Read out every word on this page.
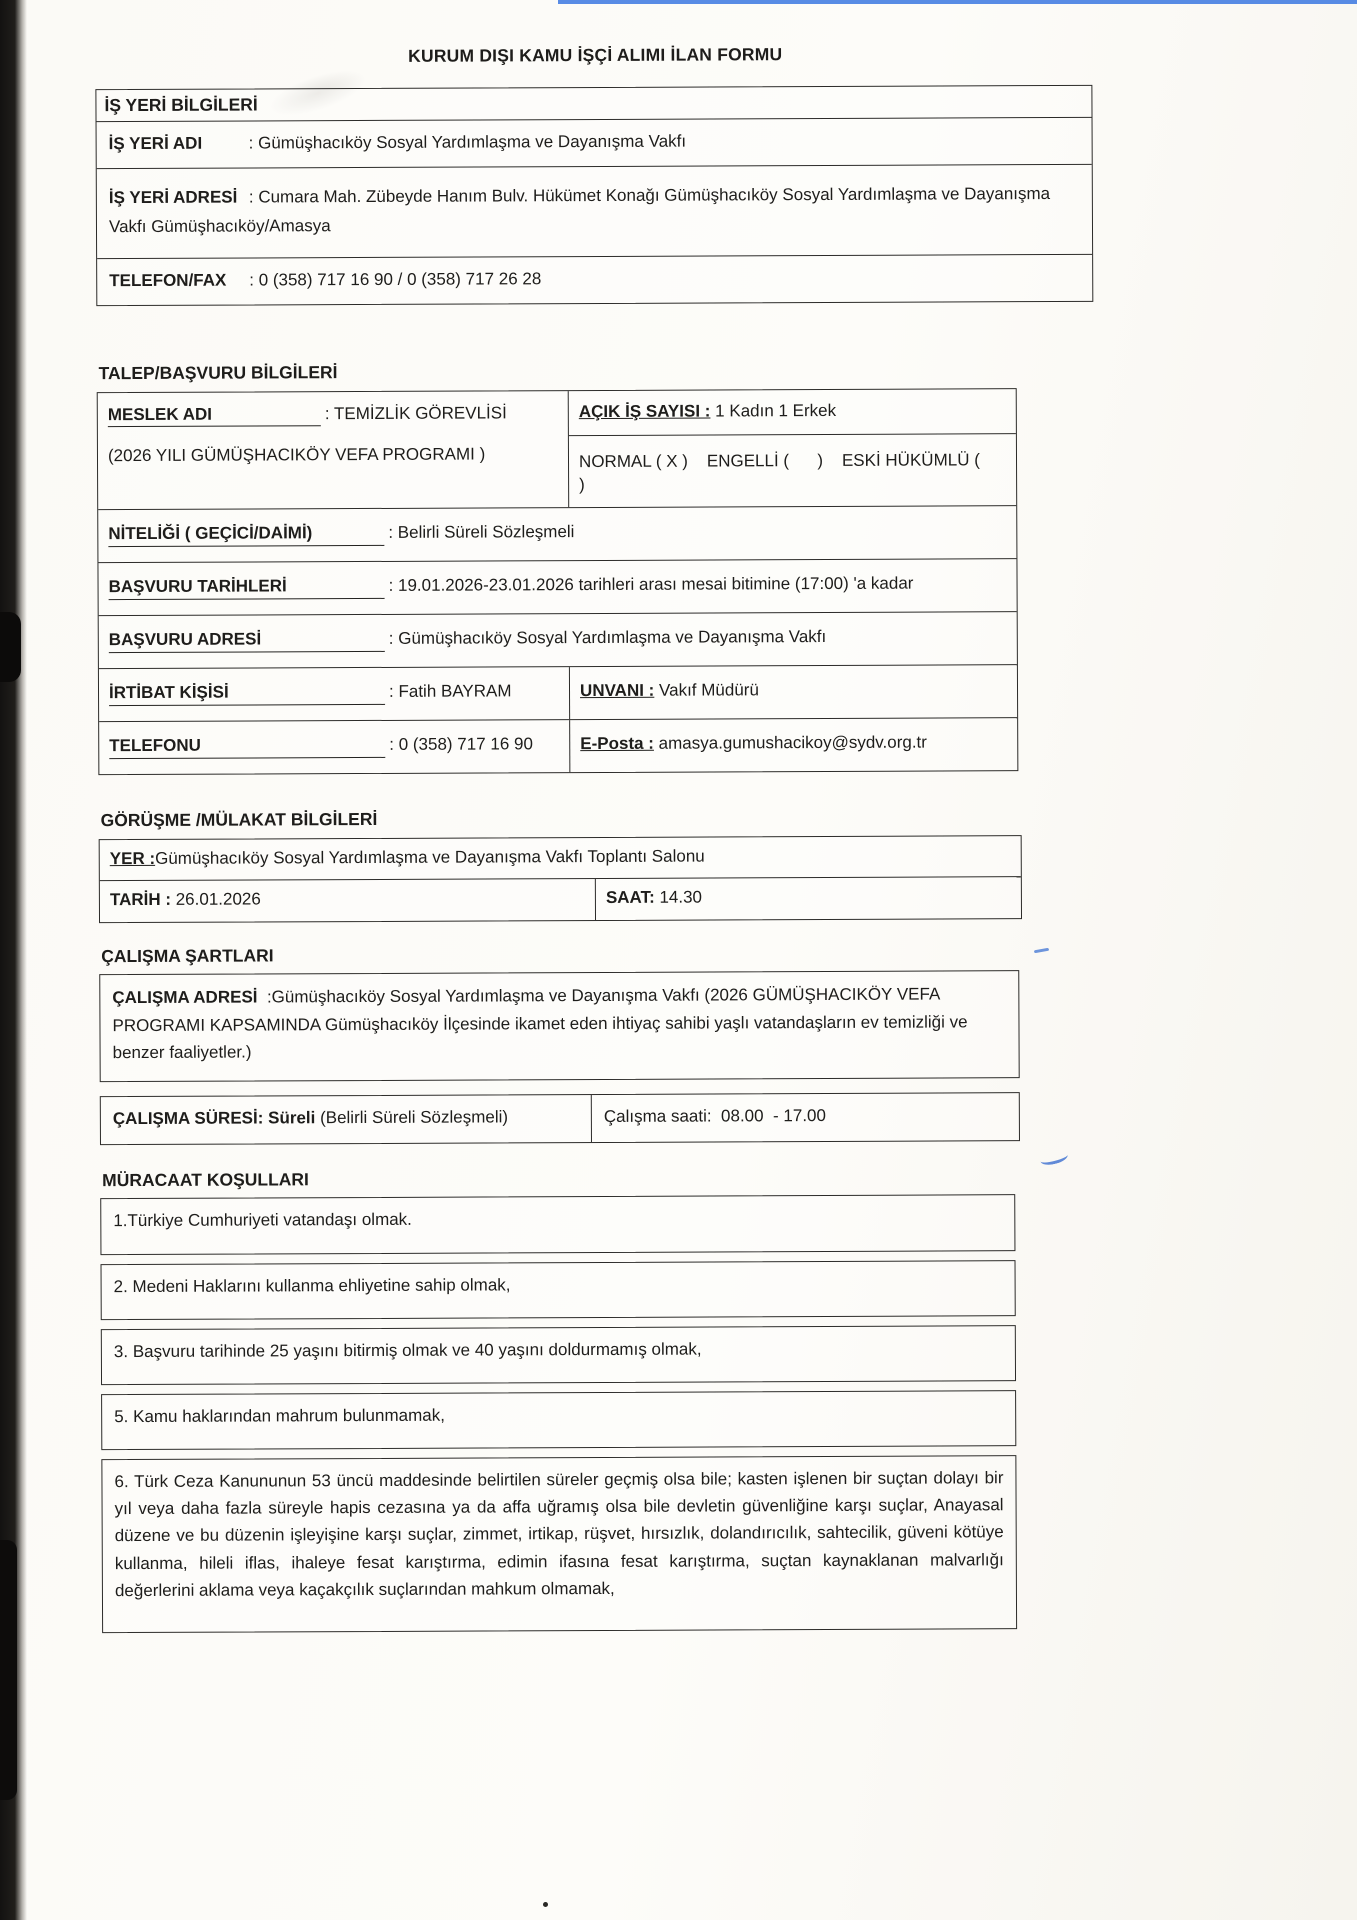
KURUM DIŞI KAMU İŞÇİ ALIMI İLAN FORMU
İŞ YERİ BİLGİLERİ
İŞ YERİ ADI	: Gümüşhacıköy Sosyal Yardımlaşma ve Dayanışma Vakfı
İŞ YERİ ADRESİ : Cumara Mah. Zübeyde Hanım Bulv. Hükümet Konağı Gümüşhacıköy Sosyal Yardımlaşma ve Dayanışma Vakfı Gümüşhacıköy/Amasya
TELEFON/FAX : 0 (358) 717 16 90 / 0 (358) 717 26 28
TALEP/BAŞVURU BİLGİLERİ
MESLEK ADI	: TEMİZLİK GÖREVLİSİ
(2026 YILI GÜMÜŞHACIKÖY VEFA PROGRAMI )
AÇIK İŞ SAYISI : 1 Kadın 1 Erkek
NORMAL ( X )    ENGELLİ (      )    ESKİ HÜKÜMLÜ (      )
NİTELİĞİ ( GEÇİCİ/DAİMİ)	: Belirli Süreli Sözleşmeli
BAŞVURU TARİHLERİ	: 19.01.2026-23.01.2026 tarihleri arası mesai bitimine (17:00) 'a kadar
BAŞVURU ADRESİ	: Gümüşhacıköy Sosyal Yardımlaşma ve Dayanışma Vakfı
İRTİBAT KİŞİSİ	: Fatih BAYRAM	UNVANI : Vakıf Müdürü
TELEFONU	: 0 (358) 717 16 90	E-Posta : amasya.gumushacikoy@sydv.org.tr
GÖRÜŞME /MÜLAKAT BİLGİLERİ
YER :Gümüşhacıköy Sosyal Yardımlaşma ve Dayanışma Vakfı Toplantı Salonu
TARİH : 26.01.2026	SAAT: 14.30
ÇALIŞMA ŞARTLARI
ÇALIŞMA ADRESİ  :Gümüşhacıköy Sosyal Yardımlaşma ve Dayanışma Vakfı (2026 GÜMÜŞHACIKÖY VEFA PROGRAMI KAPSAMINDA Gümüşhacıköy İlçesinde ikamet eden ihtiyaç sahibi yaşlı vatandaşların ev temizliği ve benzer faaliyetler.)
ÇALIŞMA SÜRESİ: Süreli (Belirli Süreli Sözleşmeli)	Çalışma saati:  08.00  - 17.00
MÜRACAAT KOŞULLARI
1.Türkiye Cumhuriyeti vatandaşı olmak.
2. Medeni Haklarını kullanma ehliyetine sahip olmak,
3. Başvuru tarihinde 25 yaşını bitirmiş olmak ve 40 yaşını doldurmamış olmak,
5. Kamu haklarından mahrum bulunmamak,
6. Türk Ceza Kanununun 53 üncü maddesinde belirtilen süreler geçmiş olsa bile; kasten işlenen bir suçtan dolayı bir yıl veya daha fazla süreyle hapis cezasına ya da affa uğramış olsa bile devletin güvenliğine karşı suçlar, Anayasal düzene ve bu düzenin işleyişine karşı suçlar, zimmet, irtikap, rüşvet, hırsızlık, dolandırıcılık, sahtecilik, güveni kötüye kullanma, hileli iflas, ihaleye fesat karıştırma, edimin ifasına fesat karıştırma, suçtan kaynaklanan malvarlığı değerlerini aklama veya kaçakçılık suçlarından mahkum olmamak,
